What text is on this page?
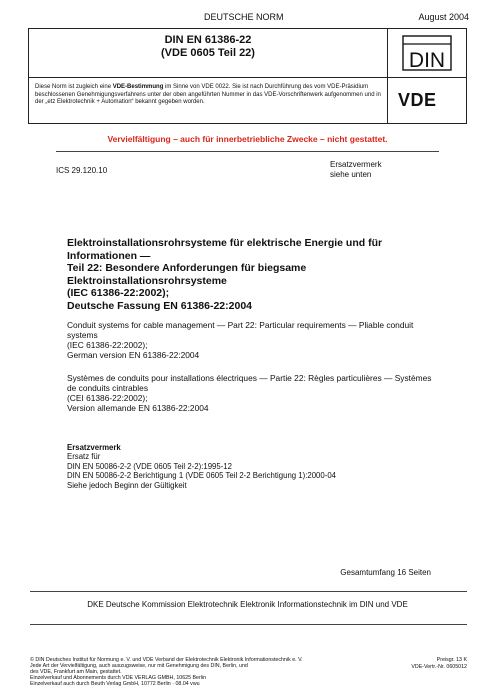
DEUTSCHE NORM	August 2004
DIN EN 61386-22
(VDE 0605 Teil 22)	DIN
Diese Norm ist zugleich eine VDE-Bestimmung im Sinne von VDE 0022. Sie ist nach Durchführung des vom VDE-Präsidium beschlossenen Genehmigungsverfahrens unter der oben angeführten Nummer in das VDE-Vorschriftenwerk aufgenommen und in der „etz Elektrotechnik + Automation“ bekannt gegeben worden.	VDE
Vervielfältigung – auch für innerbetriebliche Zwecke – nicht gestattet.
ICS 29.120.10
Ersatzvermerk
siehe unten
Elektroinstallationsrohrsysteme für elektrische Energie und für Informationen —
Teil 22: Besondere Anforderungen für biegsame Elektroinstallationsrohrsysteme
(IEC 61386-22:2002);
Deutsche Fassung EN 61386-22:2004
Conduit systems for cable management — Part 22: Particular requirements — Pliable conduit systems
(IEC 61386-22:2002);
German version EN 61386-22:2004
Systèmes de conduits pour installations électriques — Partie 22: Règles particulières — Systèmes de conduits cintrables
(CEI 61386-22:2002);
Version allemande EN 61386-22:2004
Ersatzvermerk
Ersatz für
DIN EN 50086-2-2 (VDE 0605 Teil 2-2):1995-12
DIN EN 50086-2-2 Berichtigung 1 (VDE 0605 Teil 2-2 Berichtigung 1):2000-04
Siehe jedoch Beginn der Gültigkeit
Gesamtumfang 16 Seiten
DKE Deutsche Kommission Elektrotechnik Elektronik Informationstechnik im DIN und VDE
© DIN Deutsches Institut für Normung e. V. und VDE Verband der Elektrotechnik Elektronik Informationstechnik e. V.
Jede Art der Vervielfältigung, auch auszugsweise, nur mit Genehmigung des DIN, Berlin, und
des VDE, Frankfurt am Main, gestattet.
Einzelverkauf und Abonnements durch VDE VERLAG GMBH, 10625 Berlin
Einzelverkauf auch durch Beuth Verlag GmbH, 10772 Berlin · 08.04 vwu
Preisgr. 13 K
VDE-Vertr.-Nr. 0605012
